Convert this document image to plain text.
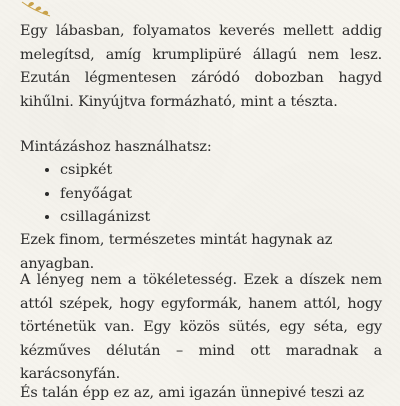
Egy lábasban, folyamatos keverés mellett addig melegítsd, amíg krumplipüré állagú nem lesz. Ezután légmentesen záródó dobozban hagyd kihűlni. Kinyújtva formázható, mint a tészta.

Mintázáshoz használhatsz:

• csipkét
• fenyőágat
• csillagánizst

Ezek finom, természetes mintát hagynak az anyagban.

A lényeg nem a tökéletesség. Ezek a díszek nem attól szépek, hogy egyformák, hanem attól, hogy történetük van. Egy közös sütés, egy séta, egy kézműves délután – mind ott maradnak a karácsonyfán.

És talán épp ez az, ami igazán ünnepivé teszi az
